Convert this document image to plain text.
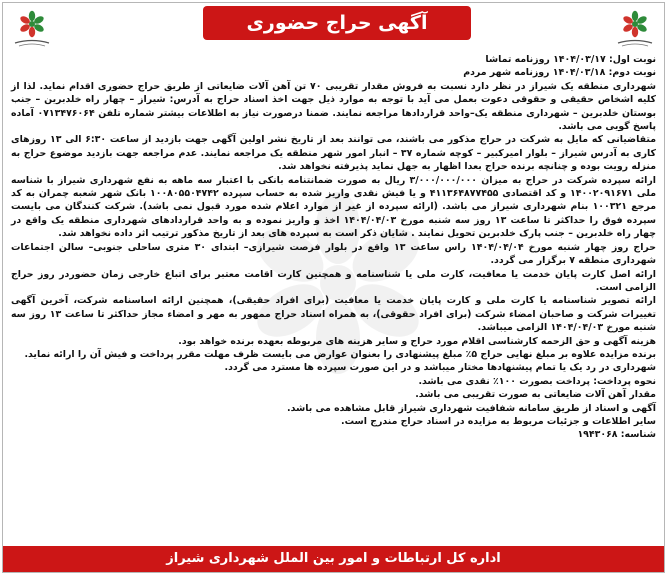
آگهی حراج حضوری ۱۶۹-۱۴۰۴	نوبت اول: ۱۴۰۴/۰۳/۱۷ روزنامه تماشا

نوبت دوم: ۱۴۰۴/۰۳/۱۸ روزنامه شهر مردم

شهرداری منطقه یک شیراز در نظر دارد نسبت به فروش مقدار تقریبی ۷۰ تن آهن آلات ضایعاتی از طریق حراج حضوری اقدام نماید. لذا از کلیه اشخاص حقیقی و حقوقی دعوت بعمل می آید با توجه به موارد ذیل جهت اخذ اسناد حراج به آدرس: شیراز – چهار راه خلدبرین – جنب بوستان خلدبرین – شهرداری منطقه یک–واحد قراردادها مراجعه نمایند. ضمنا درصورت نیاز به اطلاعات بیشتر شماره تلفن ۰۷۱۳۴۷۶۰۶۴ آماده پاسخ گویی می باشد.

متقاضیانی که مایل به شرکت در حراج مذکور می باشند، می توانند بعد از تاریخ نشر اولین آگهی جهت بازدید از ساعت ۶:۳۰ الی ۱۳ روزهای کاری به آدرس شیراز – بلوار امیرکبیر – کوچه شماره ۳۷ – انبار امور شهر منطقه یک مراجعه نمایند. عدم مراجعه جهت بازدید موضوع حراج به منزله رویت بوده و چنانچه برنده حراج بعدا اظهار به جهل نماید پذیرفته نخواهد شد.

ارائه سپرده شرکت در حراج به میزان ۳/۰۰۰/۰۰۰/۰۰۰ ریال به صورت ضمانتنامه بانکی با اعتبار سه ماهه به نفع شهرداری شیراز با شناسه ملی ۱۴۰۰۲۰۹۱۶۷۱ و کد اقتصادی ۴۱۱۳۶۴۸۷۷۴۵۵ و یا فیش نقدی واریز شده به حساب سپرده ۱۰۰۸۰۵۵۰۴۷۴۲ بانک شهر شعبه چمران به کد مرجع ۱۰۰۳۲۱ بنام شهرداری شیراز می باشد. (ارائه سپرده از غیر از موارد اعلام شده مورد قبول نمی باشد). شرکت کنندگان می بایست سپرده فوق را حداکثر تا ساعت ۱۳ روز سه شنبه مورخ ۱۴۰۴/۰۴/۰۳ اخذ و واریز نموده و به واحد قراردادهای شهرداری منطقه یک واقع در چهار راه خلدبرین – جنب پارک خلدبرین تحویل نمایند . شایان ذکر است به سپرده های بعد از تاریخ مذکور ترتیب اثر داده نخواهد شد.

حراج روز چهار شنبه مورخ ۱۴۰۴/۰۴/۰۴ راس ساعت ۱۳ واقع در بلوار فرصت شیرازی– ابتدای ۳۰ متری ساحلی جنوبی– سالن اجتماعات شهرداری منطقه ۷ برگزار می گردد.

ارائه اصل کارت پایان خدمت یا معافیت، کارت ملی یا شناسنامه و همچنین کارت اقامت معتبر برای اتباع خارجی زمان حضوردر روز حراج الزامی است.

ارائه تصویر شناسنامه یا کارت ملی و کارت پایان خدمت یا معافیت (برای افراد حقیقی)، همچنین ارائه اساسنامه شرکت، آخرین آگهی تغییرات شرکت و صاحبان امضاء شرکت (برای افراد حقوقی)، به همراه اسناد حراج ممهور به مهر و امضاء مجاز حداکثر تا ساعت ۱۳ روز سه شنبه مورخ ۱۴۰۴/۰۴/۰۳ الزامی میباشد.

هزینه آگهی و حق الزحمه کارشناسی اقلام مورد حراج و سایر هزینه های مربوطه بعهده برنده خواهد بود.

برنده مزایده علاوه بر مبلغ نهایی حراج ۵٪ مبلغ پیشنهادی را بعنوان عوارض می بایست ظرف مهلت مقرر پرداخت و فیش آن را ارائه نماید.

شهرداری در رد یک یا تمام پیشنهادها مختار میباشد و در این صورت سپرده ها مسترد می گردد.

نحوه پرداخت: پرداخت بصورت ۱۰۰٪ نقدی می باشد.

مقدار آهن آلات ضایعاتی به صورت تقریبی می باشد.

آگهی و اسناد از طریق سامانه شفافیت شهرداری شیراز قابل مشاهده می باشد.

سایر اطلاعات و جزئیات مربوط به مزایده در اسناد حراج مندرج است.

شناسه: ۱۹۴۳۰۶۸

اداره کل ارتباطات و امور بین الملل شهرداری شیراز
